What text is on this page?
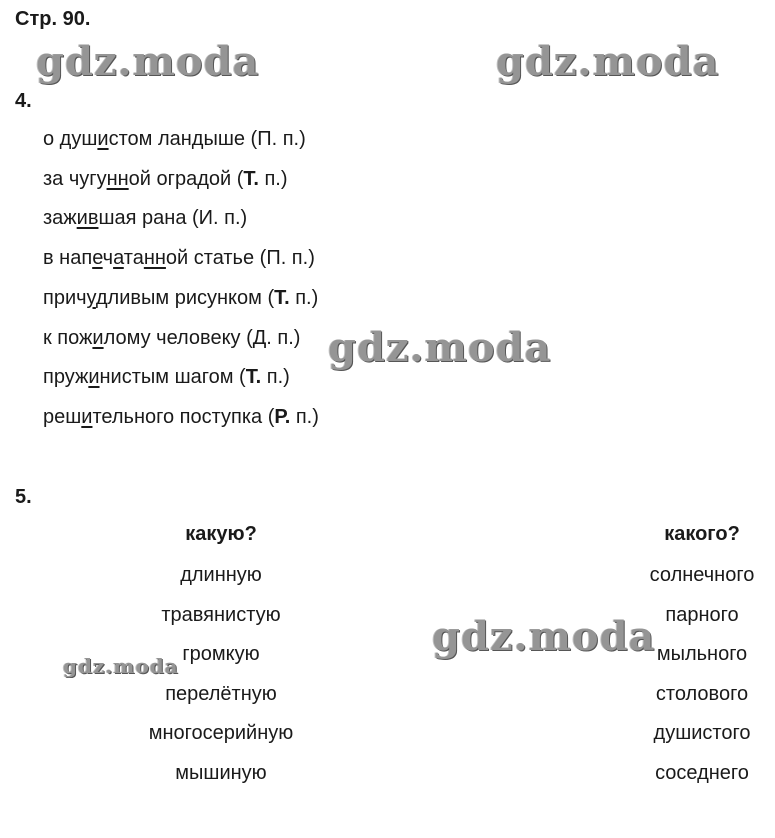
Стр. 90.
gdz.moda	gdz.moda
4.
о душистом ландыше (П. п.)
за чугунной оградой (Т. п.)
зажившая рана (И. п.)
в напечатанной статье (П. п.)
причудливым рисунком (Т. п.)
к пожилому человеку (Д. п.)
пружинистым шагом (Т. п.)
решительного поступка (Р. п.)
gdz.moda
5.
какую?	какого?
длинную
травянистую
громкую
перелётную
многосерийную
мышиную
солнечного
парного
мыльного
столового
душистого
соседнего
gdz.moda
gdz.moda
